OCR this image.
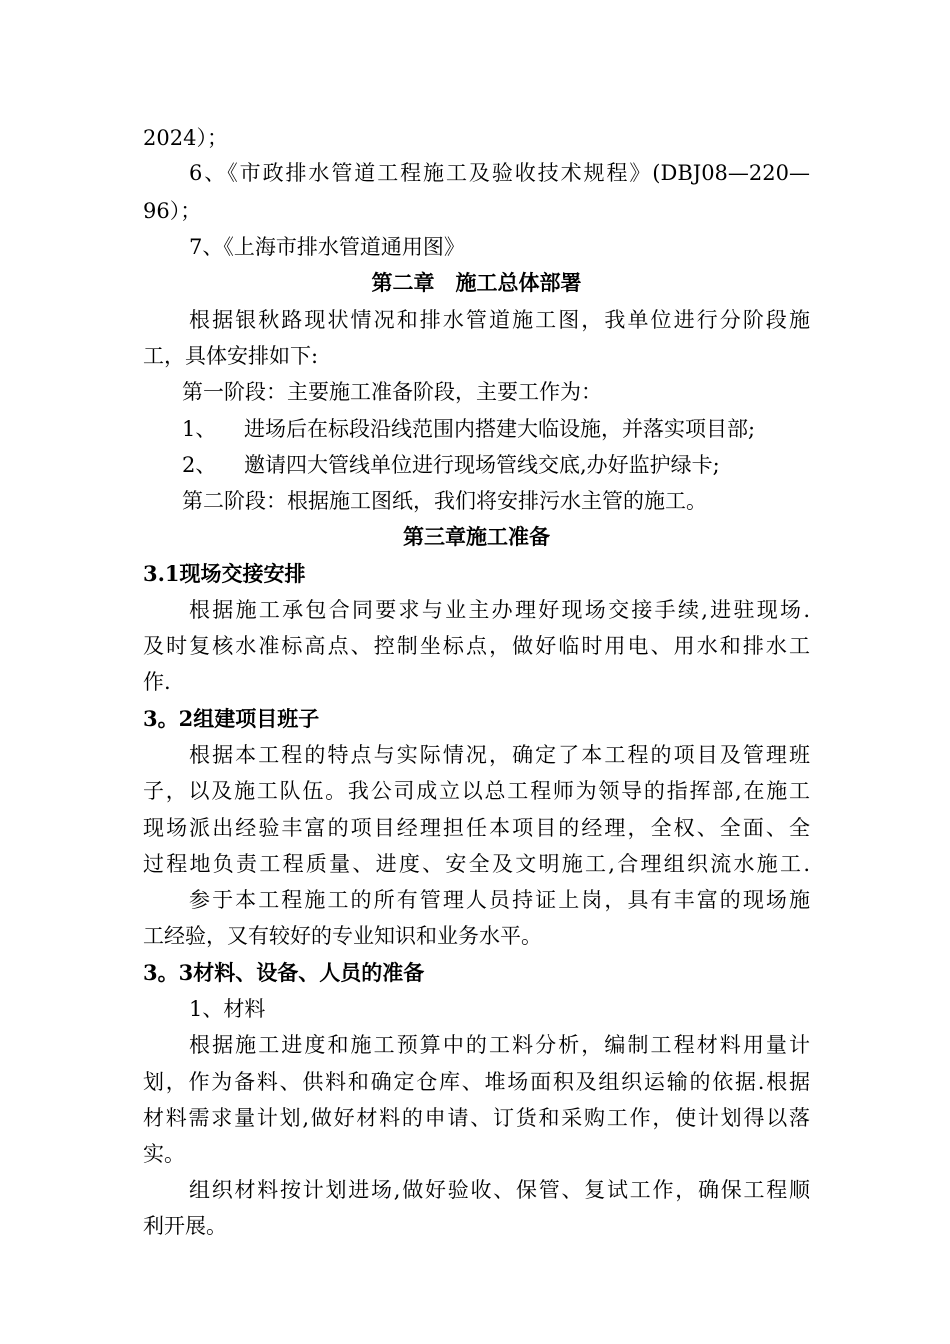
2024）；
6、《市政排水管道工程施工及验收技术规程》(DBJ08—220—
96）；
7、《上海市排水管道通用图》
第二章　施工总体部署
根据银秋路现状情况和排水管道施工图，我单位进行分阶段施
工，具体安排如下:
第一阶段：主要施工准备阶段，主要工作为：
1、 进场后在标段沿线范围内搭建大临设施，并落实项目部;
2、 邀请四大管线单位进行现场管线交底,办好监护绿卡;
第二阶段：根据施工图纸，我们将安排污水主管的施工。
第三章施工准备
3.1现场交接安排
根据施工承包合同要求与业主办理好现场交接手续,进驻现场.
及时复核水准标高点、控制坐标点，做好临时用电、用水和排水工
作.
3。2组建项目班子
根据本工程的特点与实际情况，确定了本工程的项目及管理班
子，以及施工队伍。我公司成立以总工程师为领导的指挥部,在施工
现场派出经验丰富的项目经理担任本项目的经理，全权、全面、全
过程地负责工程质量、进度、安全及文明施工,合理组织流水施工.
参于本工程施工的所有管理人员持证上岗，具有丰富的现场施
工经验，又有较好的专业知识和业务水平。
3。3材料、设备、人员的准备
1、材料
根据施工进度和施工预算中的工料分析，编制工程材料用量计
划，作为备料、供料和确定仓库、堆场面积及组织运输的依据.根据
材料需求量计划,做好材料的申请、订货和采购工作，使计划得以落
实。
组织材料按计划进场,做好验收、保管、复试工作，确保工程顺
利开展。
